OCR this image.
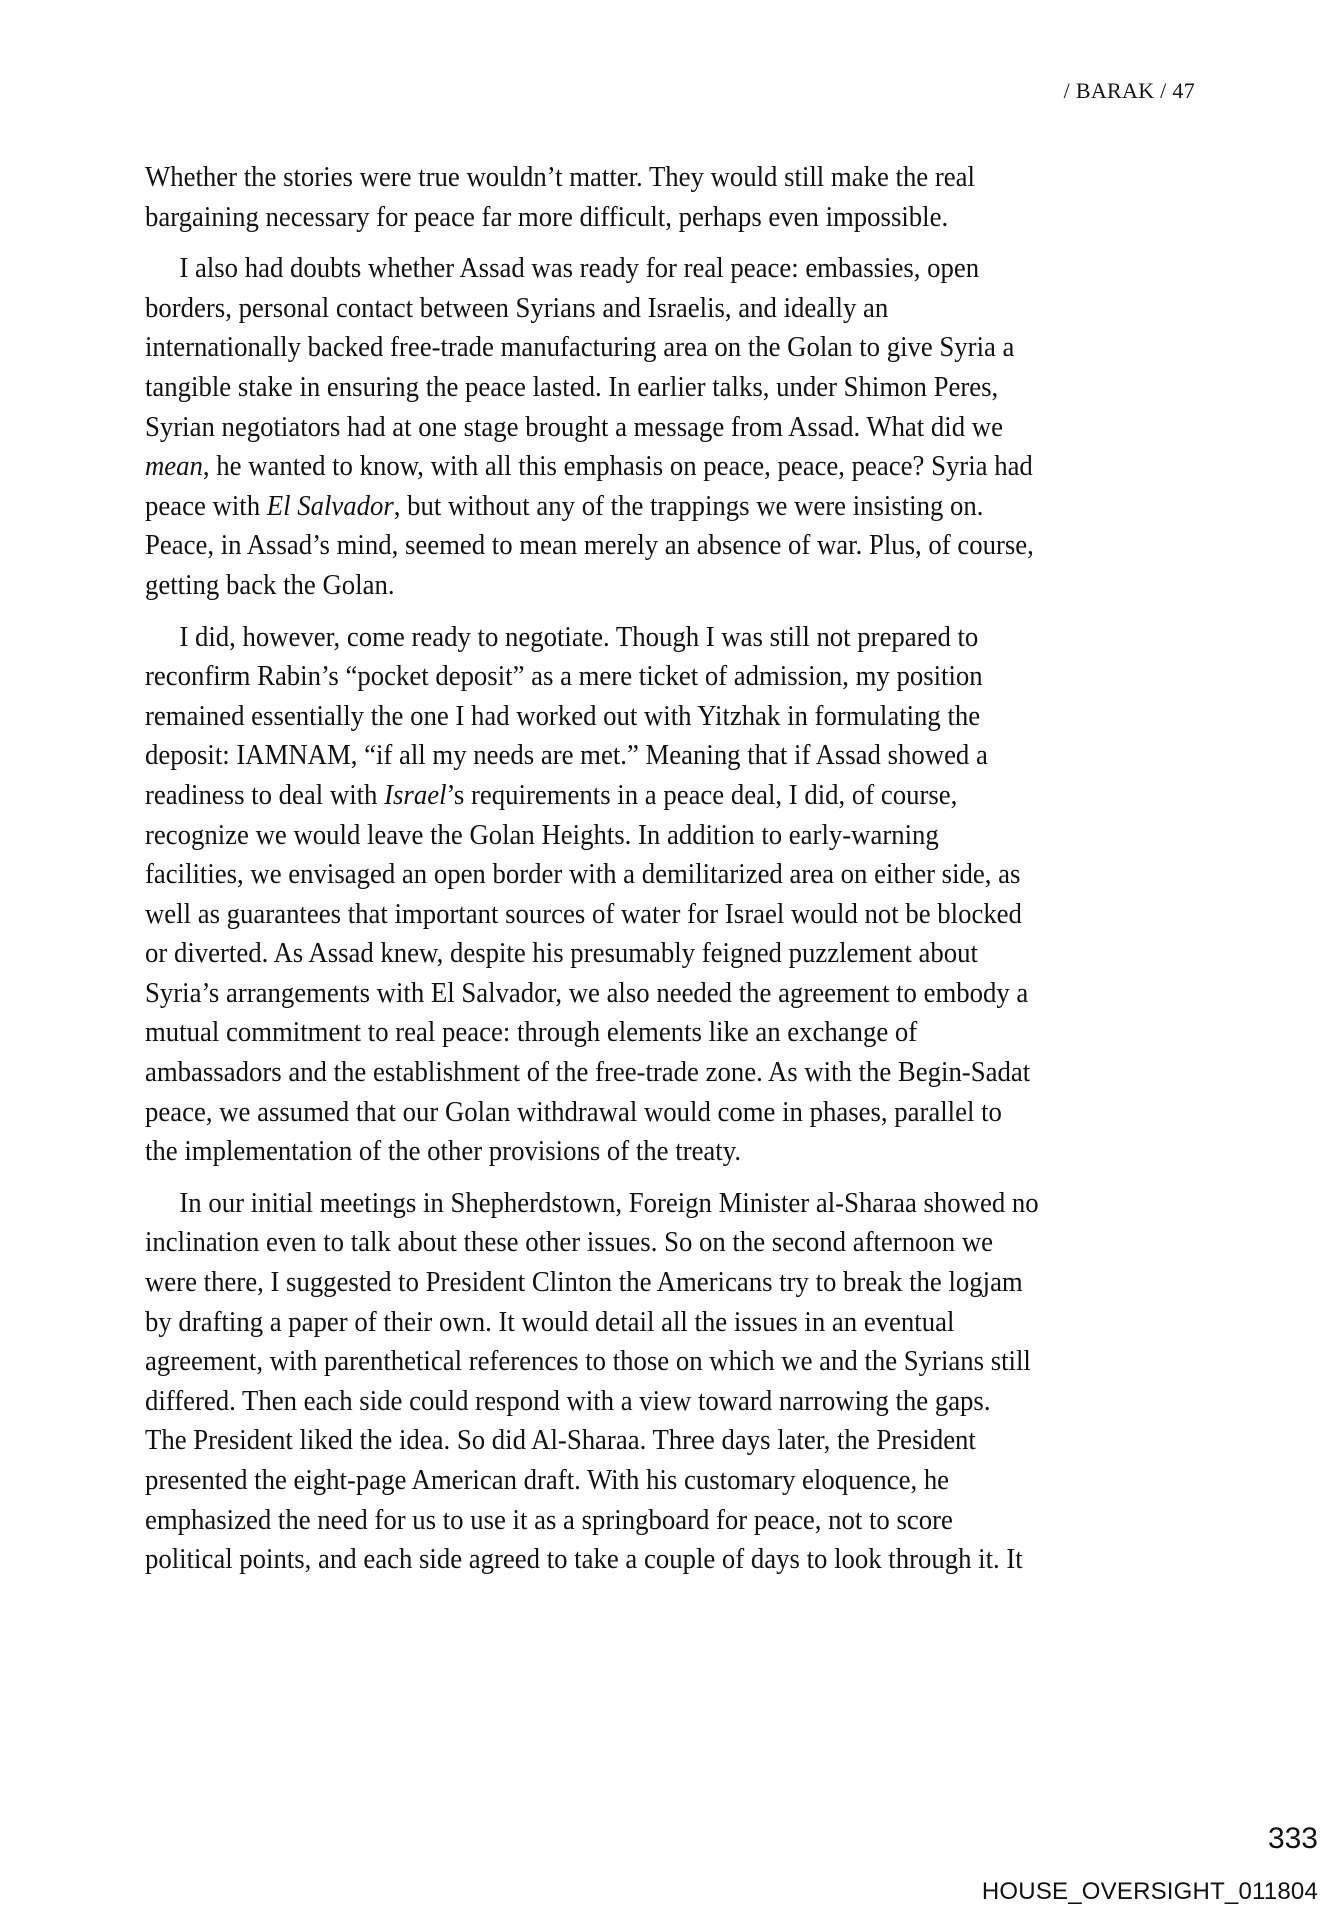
/ BARAK / 47

Whether the stories were true wouldn’t matter. They would still make the real
bargaining necessary for peace far more difficult, perhaps even impossible.

I also had doubts whether Assad was ready for real peace: embassies, open
borders, personal contact between Syrians and Israelis, and ideally an
internationally backed free-trade manufacturing area on the Golan to give Syria a
tangible stake in ensuring the peace lasted. In earlier talks, under Shimon Peres,
Syrian negotiators had at one stage brought a message from Assad. What did we
mean, he wanted to know, with all this emphasis on peace, peace, peace? Syria had
peace with El Salvador, but without any of the trappings we were insisting on.
Peace, in Assad’s mind, seemed to mean merely an absence of war. Plus, of course,
getting back the Golan.

I did, however, come ready to negotiate. Though I was still not prepared to
reconfirm Rabin’s “pocket deposit” as a mere ticket of admission, my position
remained essentially the one I had worked out with Yitzhak in formulating the
deposit: IAMNAM, “if all my needs are met.” Meaning that if Assad showed a
readiness to deal with Israel’s requirements in a peace deal, I did, of course,
recognize we would leave the Golan Heights. In addition to early-warning
facilities, we envisaged an open border with a demilitarized area on either side, as
well as guarantees that important sources of water for Israel would not be blocked
or diverted. As Assad knew, despite his presumably feigned puzzlement about
Syria’s arrangements with El Salvador, we also needed the agreement to embody a
mutual commitment to real peace: through elements like an exchange of
ambassadors and the establishment of the free-trade zone. As with the Begin-Sadat
peace, we assumed that our Golan withdrawal would come in phases, parallel to
the implementation of the other provisions of the treaty.

In our initial meetings in Shepherdstown, Foreign Minister al-Sharaa showed no
inclination even to talk about these other issues. So on the second afternoon we
were there, I suggested to President Clinton the Americans try to break the logjam
by drafting a paper of their own. It would detail all the issues in an eventual
agreement, with parenthetical references to those on which we and the Syrians still
differed. Then each side could respond with a view toward narrowing the gaps.
The President liked the idea. So did Al-Sharaa. Three days later, the President
presented the eight-page American draft. With his customary eloquence, he
emphasized the need for us to use it as a springboard for peace, not to score
political points, and each side agreed to take a couple of days to look through it. It

333
HOUSE_OVERSIGHT_011804
